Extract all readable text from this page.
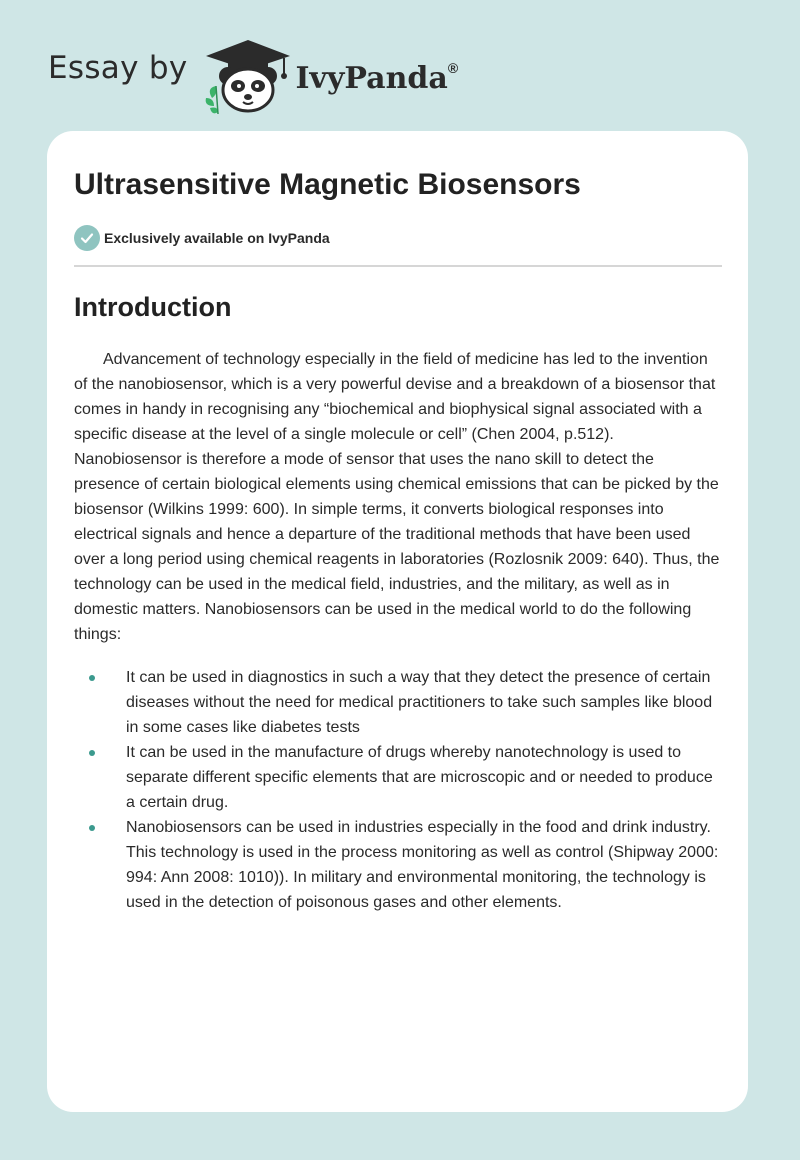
Essay by	IvyPanda®
Ultrasensitive Magnetic Biosensors
Exclusively available on IvyPanda
Introduction

Advancement of technology especially in the field of medicine has led to the invention of the nanobiosensor, which is a very powerful devise and a breakdown of a biosensor that comes in handy in recognising any “biochemical and biophysical signal associated with a specific disease at the level of a single molecule or cell” (Chen 2004, p.512). Nanobiosensor is therefore a mode of sensor that uses the nano skill to detect the presence of certain biological elements using chemical emissions that can be picked by the biosensor (Wilkins 1999: 600). In simple terms, it converts biological responses into electrical signals and hence a departure of the traditional methods that have been used over a long period using chemical reagents in laboratories (Rozlosnik 2009: 640). Thus, the technology can be used in the medical field, industries, and the military, as well as in domestic matters. Nanobiosensors can be used in the medical world to do the following things:

It can be used in diagnostics in such a way that they detect the presence of certain diseases without the need for medical practitioners to take such samples like blood in some cases like diabetes tests
It can be used in the manufacture of drugs whereby nanotechnology is used to separate different specific elements that are microscopic and or needed to produce a certain drug.
Nanobiosensors can be used in industries especially in the food and drink industry. This technology is used in the process monitoring as well as control (Shipway 2000: 994: Ann 2008: 1010)). In military and environmental monitoring, the technology is used in the detection of poisonous gases and other elements.
